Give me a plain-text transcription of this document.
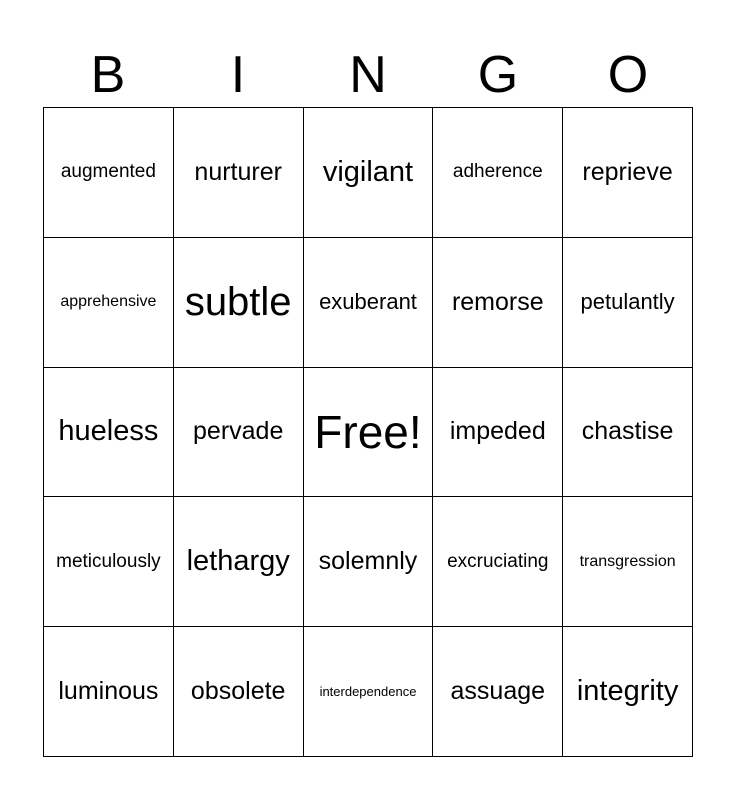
B	I	N	G	O
augmented nurturer vigilant adherence reprieve
apprehensive subtle exuberant remorse petulantly
hueless pervade Free! impeded chastise
meticulously lethargy solemnly excruciating transgression
luminous obsolete	interdependence assuage integrity
